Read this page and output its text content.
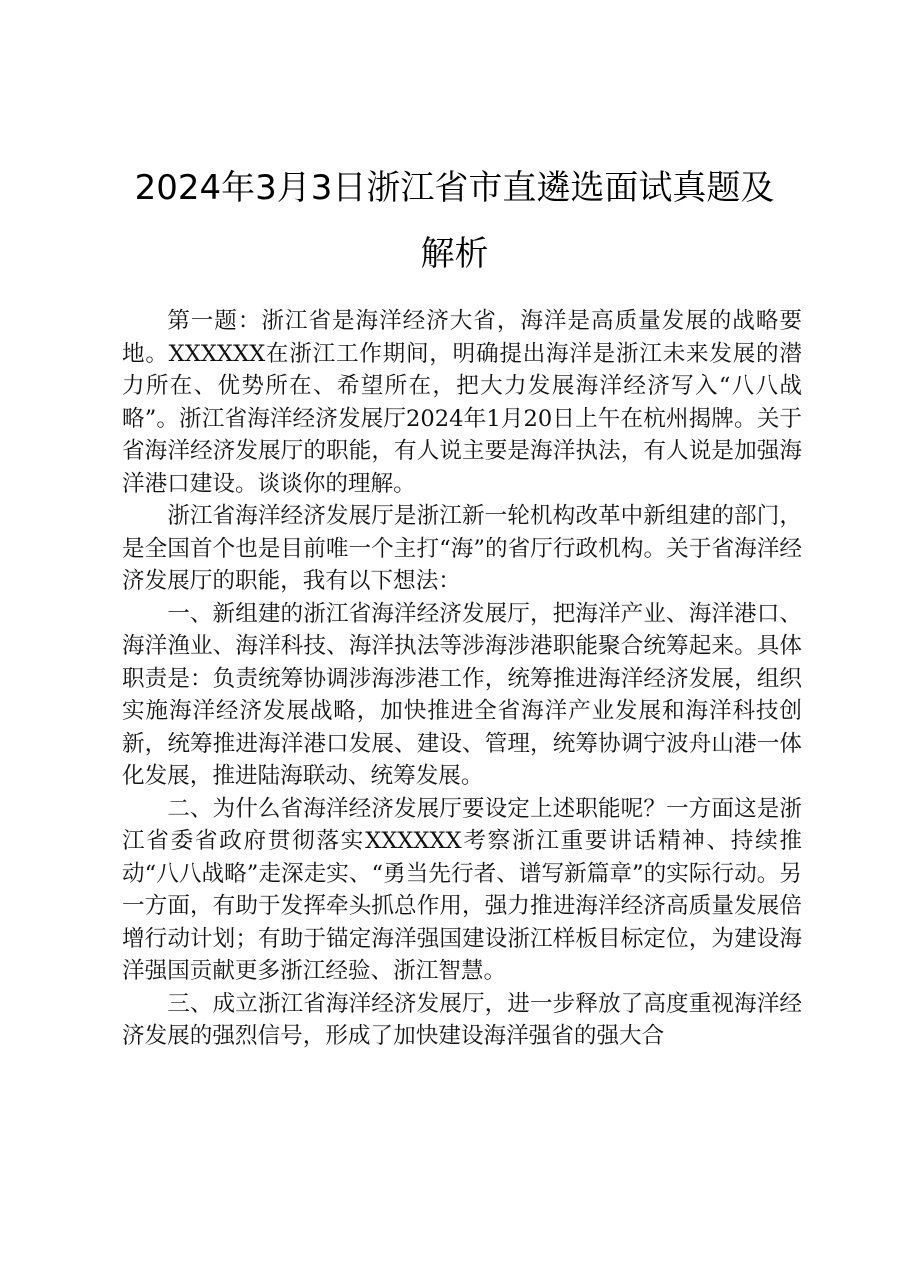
2024年3月3日浙江省市直遴选面试真题及
解析

第一题：浙江省是海洋经济大省，海洋是高质量发展的战略要地。XXXXXX在浙江工作期间，明确提出海洋是浙江未来发展的潜力所在、优势所在、希望所在，把大力发展海洋经济写入“八八战略”。浙江省海洋经济发展厅2024年1月20日上午在杭州揭牌。关于省海洋经济发展厅的职能，有人说主要是海洋执法，有人说是加强海洋港口建设。谈谈你的理解。

浙江省海洋经济发展厅是浙江新一轮机构改革中新组建的部门，是全国首个也是目前唯一个主打“海”的省厅行政机构。关于省海洋经济发展厅的职能，我有以下想法：

一、新组建的浙江省海洋经济发展厅，把海洋产业、海洋港口、海洋渔业、海洋科技、海洋执法等涉海涉港职能聚合统筹起来。具体职责是：负责统筹协调涉海涉港工作，统筹推进海洋经济发展，组织实施海洋经济发展战略，加快推进全省海洋产业发展和海洋科技创新，统筹推进海洋港口发展、建设、管理，统筹协调宁波舟山港一体化发展，推进陆海联动、统筹发展。

二、为什么省海洋经济发展厅要设定上述职能呢？一方面这是浙江省委省政府贯彻落实XXXXXX考察浙江重要讲话精神、持续推动“八八战略”走深走实、“勇当先行者、谱写新篇章”的实际行动。另一方面，有助于发挥牵头抓总作用，强力推进海洋经济高质量发展倍增行动计划；有助于锚定海洋强国建设浙江样板目标定位，为建设海洋强国贡献更多浙江经验、浙江智慧。

三、成立浙江省海洋经济发展厅，进一步释放了高度重视海洋经济发展的强烈信号，形成了加快建设海洋强省的强大合
